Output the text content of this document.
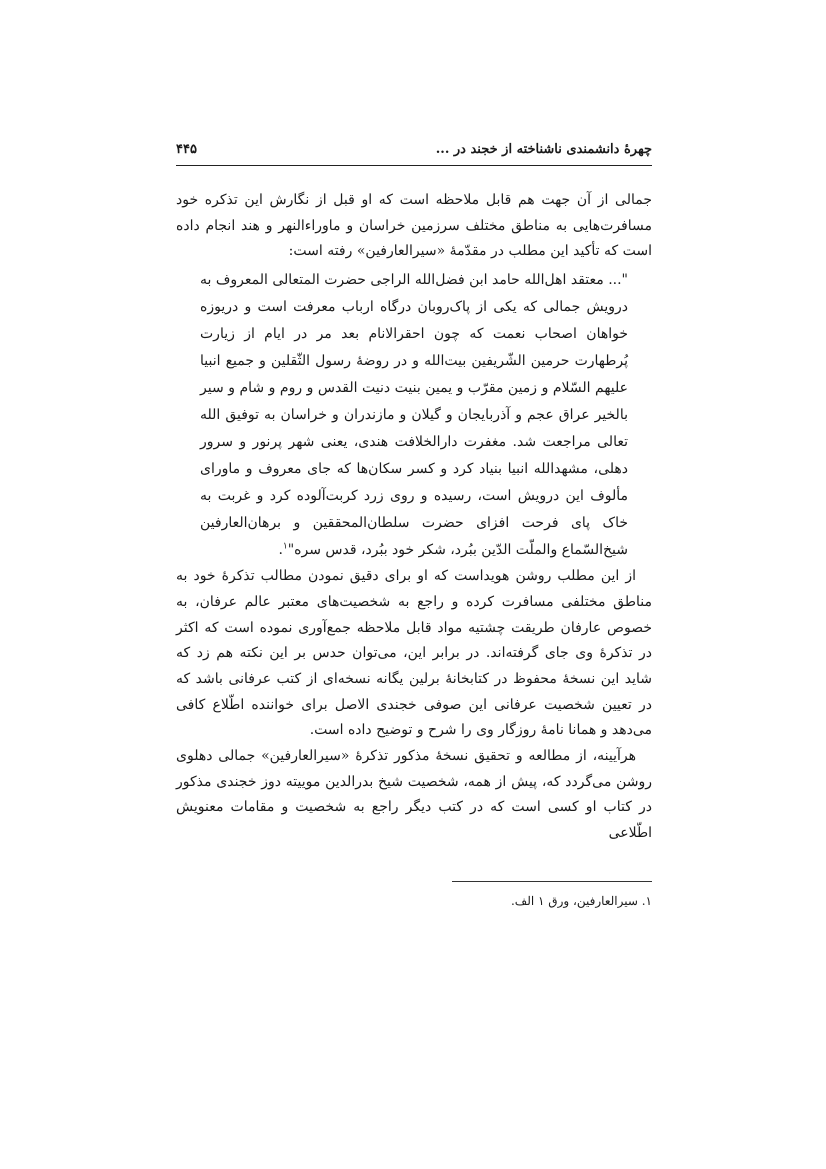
چهرهٔ دانشمندی ناشناخته از خجند در ...
۴۴۵

جمالی از آن جهت هم قابل ملاحظه است که او قبل از نگارش این تذکره خود مسافرت‌هایی به مناطق مختلف سرزمین خراسان و ماوراءالنهر و هند انجام داده است که تأکید این مطلب در مقدّمهٔ «سیرالعارفین» رفته است:

"... معتقد اهل‌الله حامد ابن فضل‌الله الراجی حضرت المتعالی المعروف به درویش جمالی که یکی از پاک‌روبان درگاه ارباب معرفت است و دریوزه خواهان اصحاب نعمت که چون احقرالانام بعد مر در ایام از زیارت پُرطهارت حرمین الشّریفین بیت‌الله و در روضهٔ رسول الثّقلین و جمیع انبیا علیهم السّلام و زمین مقرّب و یمین بنیت دنیت القدس و روم و شام و سیر بالخیر عراق عجم و آذربایجان و گیلان و مازندران و خراسان به توفیق الله تعالی مراجعت شد. مغفرت دارالخلافت هندی، یعنی شهر پرنور و سرور دهلی، مشهدالله انبیا بنیاد کرد و کسر سکان‌ها که جای معروف و ماورای مألوف این درویش است، رسیده و روی زرد کربت‌آلوده کرد و غربت به خاک پای فرحت افزای حضرت سلطان‌المحققین و برهان‌العارفین شیخ‌السّماع والملّت الدّین ببُرد، شکر خود ببُرد، قدس سره"$^۱$.

از این مطلب روشن هویداست که او برای دقیق نمودن مطالب تذکرهٔ خود به مناطق مختلفی مسافرت کرده و راجع به شخصیت‌های معتبر عالم عرفان، به خصوص عارفان طریقت چشتیه مواد قابل ملاحظه جمع‌آوری نموده است که اکثر در تذکرهٔ وی جای گرفته‌اند. در برابر این، می‌توان حدس بر این نکته هم زد که شاید این نسخهٔ محفوظ در کتابخانهٔ برلین یگانه نسخه‌ای از کتب عرفانی باشد که در تعیین شخصیت عرفانی این صوفی خجندی الاصل برای خواننده اطّلاع کافی می‌دهد و همانا نامهٔ روزگار وی را شرح و توضیح داده است.

هرآیینه، از مطالعه و تحقیق نسخهٔ مذکور تذکرهٔ «سیرالعارفین» جمالی دهلوی روشن می‌گردد که، پیش از همه، شخصیت شیخ بدرالدین موییته دوز خجندی مذکور در کتاب او کسی است که در کتب دیگر راجع به شخصیت و مقامات معنویش اطّلاعی

۱. سیرالعارفین، ورق ۱ الف.
